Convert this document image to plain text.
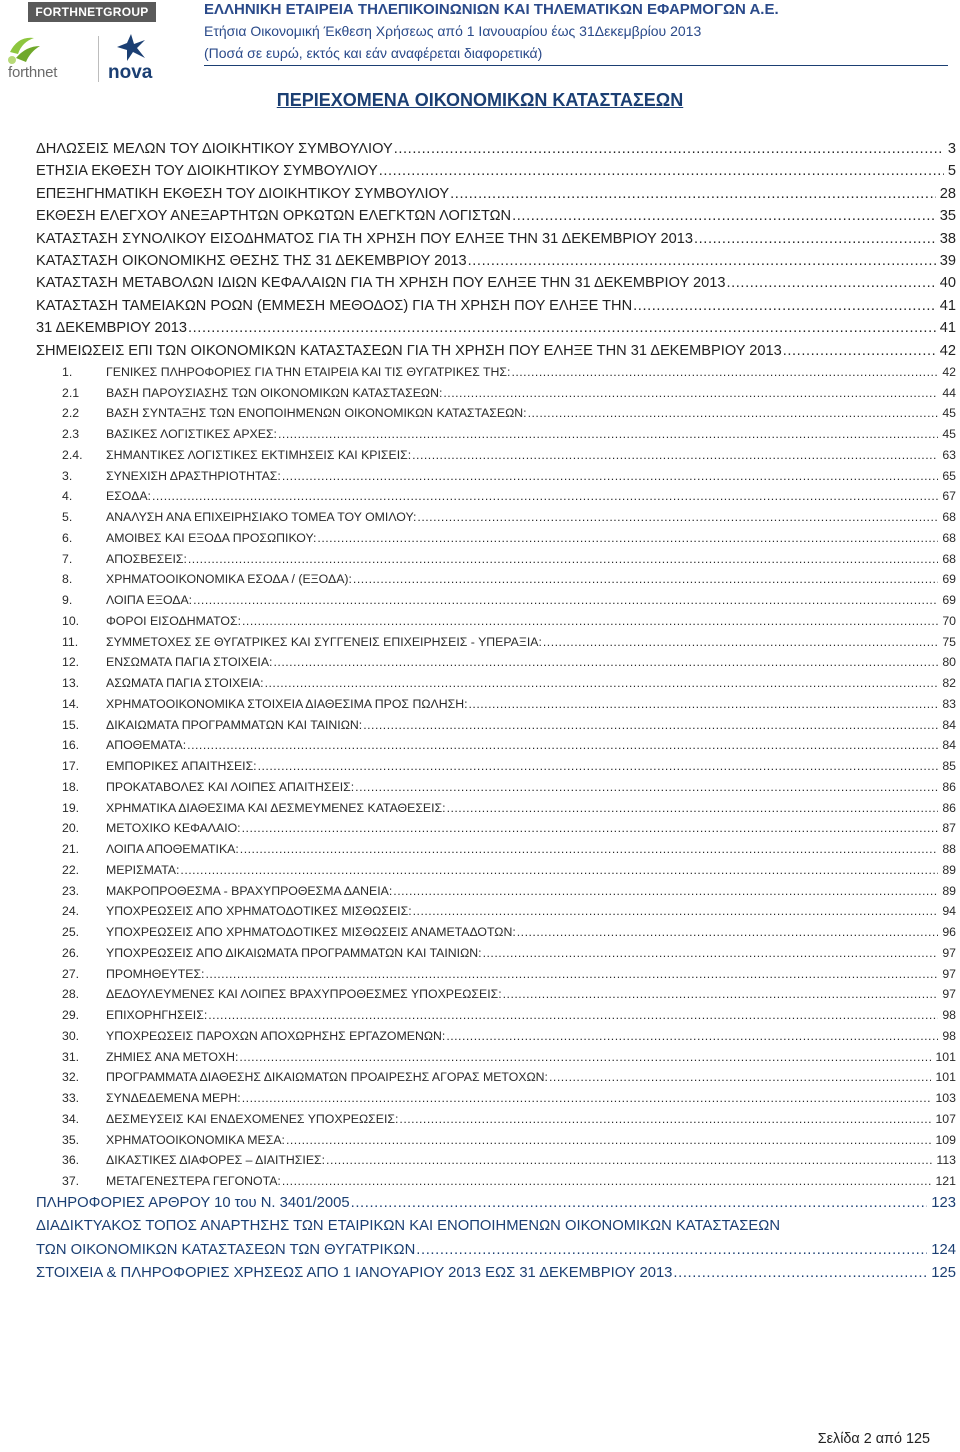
FORTHNETGROUP
forthnet	nova
ΕΛΛΗΝΙΚΗ ΕΤΑΙΡΕΙΑ ΤΗΛΕΠΙΚΟΙΝΩΝΙΩΝ ΚΑΙ ΤΗΛΕΜΑΤΙΚΩΝ ΕΦΑΡΜΟΓΩΝ Α.Ε.
Ετήσια Οικονομική Έκθεση Χρήσεως από 1 Ιανουαρίου έως 31Δεκεμβρίου 2013
(Ποσά σε ευρώ, εκτός και εάν αναφέρεται διαφορετικά)
ΠΕΡΙΕΧΟΜΕΝΑ ΟΙΚΟΝΟΜΙΚΩΝ ΚΑΤΑΣΤΑΣΕΩΝ
ΔΗΛΩΣΕΙΣ ΜΕΛΩΝ ΤΟΥ ΔΙΟΙΚΗΤΙΚΟΥ ΣΥΜΒΟΥΛΙΟΥ .....	3
ΕΤΗΣΙΑ ΕΚΘΕΣΗ ΤΟΥ ΔΙΟΙΚΗΤΙΚΟΥ ΣΥΜΒΟΥΛΙΟΥ .....	5
ΕΠΕΞΗΓΗΜΑΤΙΚΗ ΕΚΘΕΣΗ ΤΟΥ ΔΙΟΙΚΗΤΙΚΟΥ ΣΥΜΒΟΥΛΙΟΥ .....	28
ΕΚΘΕΣΗ ΕΛΕΓΧΟΥ ΑΝΕΞΑΡΤΗΤΩΝ ΟΡΚΩΤΩΝ ΕΛΕΓΚΤΩΝ ΛΟΓΙΣΤΩΝ .....	35
ΚΑΤΑΣΤΑΣΗ ΣΥΝΟΛΙΚΟΥ ΕΙΣΟΔΗΜΑΤΟΣ ΓΙΑ ΤΗ ΧΡΗΣΗ ΠΟΥ ΕΛΗΞΕ ΤΗΝ 31 ΔΕΚΕΜΒΡΙΟΥ 2013 .....	38
ΚΑΤΑΣΤΑΣΗ ΟΙΚΟΝΟΜΙΚΗΣ ΘΕΣΗΣ ΤΗΣ 31 ΔΕΚΕΜΒΡΙΟΥ 2013 .....	39
ΚΑΤΑΣΤΑΣΗ ΜΕΤΑΒΟΛΩΝ ΙΔΙΩΝ ΚΕΦΑΛΑΙΩΝ ΓΙΑ ΤΗ ΧΡΗΣΗ ΠΟΥ ΕΛΗΞΕ ΤΗΝ 31 ΔΕΚΕΜΒΡΙΟΥ 2013 .....	40
ΚΑΤΑΣΤΑΣΗ ΤΑΜΕΙΑΚΩΝ ΡΟΩΝ (ΕΜΜΕΣΗ ΜΕΘΟΔΟΣ) ΓΙΑ ΤΗ ΧΡΗΣΗ ΠΟΥ ΕΛΗΞΕ ΤΗΝ .....	41
31 ΔΕΚΕΜΒΡΙΟΥ 2013 .....	41
ΣΗΜΕΙΩΣΕΙΣ ΕΠΙ ΤΩΝ ΟΙΚΟΝΟΜΙΚΩΝ ΚΑΤΑΣΤΑΣΕΩΝ ΓΙΑ ΤΗ ΧΡΗΣΗ ΠΟΥ ΕΛΗΞΕ ΤΗΝ 31 ΔΕΚΕΜΒΡΙΟΥ 2013 .....	42
1.	ΓΕΝΙΚΕΣ ΠΛΗΡΟΦΟΡΙΕΣ ΓΙΑ ΤΗΝ ΕΤΑΙΡΕΙΑ ΚΑΙ ΤΙΣ ΘΥΓΑΤΡΙΚΕΣ ΤΗΣ: .....	42
2.1	ΒΑΣΗ ΠΑΡΟΥΣΙΑΣΗΣ ΤΩΝ ΟΙΚΟΝΟΜΙΚΩΝ ΚΑΤΑΣΤΑΣΕΩΝ: .....	44
2.2	ΒΑΣΗ ΣΥΝΤΑΞΗΣ ΤΩΝ ΕΝΟΠΟΙΗΜΕΝΩΝ ΟΙΚΟΝΟΜΙΚΩΝ ΚΑΤΑΣΤΑΣΕΩΝ: .....	45
2.3	ΒΑΣΙΚΕΣ ΛΟΓΙΣΤΙΚΕΣ ΑΡΧΕΣ: .....	45
2.4.	ΣΗΜΑΝΤΙΚΕΣ ΛΟΓΙΣΤΙΚΕΣ ΕΚΤΙΜΗΣΕΙΣ ΚΑΙ ΚΡΙΣΕΙΣ: .....	63
3.	ΣΥΝΕΧΙΣΗ ΔΡΑΣΤΗΡΙΟΤΗΤΑΣ: .....	65
4.	ΕΣΟΔΑ: .....	67
5.	ΑΝΑΛΥΣΗ ΑΝΑ ΕΠΙΧΕΙΡΗΣΙΑΚΟ ΤΟΜΕΑ ΤΟΥ ΟΜΙΛΟΥ: .....	68
6.	ΑΜΟΙΒΕΣ ΚΑΙ ΕΞΟΔΑ ΠΡΟΣΩΠΙΚΟΥ: .....	68
7.	ΑΠΟΣΒΕΣΕΙΣ: .....	68
8.	ΧΡΗΜΑΤΟΟΙΚΟΝΟΜΙΚΑ ΕΣΟΔΑ / (ΕΞΟΔΑ): .....	69
9.	ΛΟΙΠΑ ΕΞΟΔΑ: .....	69
10.	ΦΟΡΟΙ ΕΙΣΟΔΗΜΑΤΟΣ: .....	70
11.	ΣΥΜΜΕΤΟΧΕΣ ΣΕ ΘΥΓΑΤΡΙΚΕΣ ΚΑΙ ΣΥΓΓΕΝΕΙΣ ΕΠΙΧΕΙΡΗΣΕΙΣ - ΥΠΕΡΑΞΙΑ: .....	75
12.	ΕΝΣΩΜΑΤΑ ΠΑΓΙΑ ΣΤΟΙΧΕΙΑ: .....	80
13.	ΑΣΩΜΑΤΑ ΠΑΓΙΑ ΣΤΟΙΧΕΙΑ: .....	82
14.	ΧΡΗΜΑΤΟΟΙΚΟΝΟΜΙΚΑ ΣΤΟΙΧΕΙΑ ΔΙΑΘΕΣΙΜΑ ΠΡΟΣ ΠΩΛΗΣΗ: .....	83
15.	ΔΙΚΑΙΩΜΑΤΑ ΠΡΟΓΡΑΜΜΑΤΩΝ ΚΑΙ ΤΑΙΝΙΩΝ: .....	84
16.	ΑΠΟΘΕΜΑΤΑ: .....	84
17.	ΕΜΠΟΡΙΚΕΣ ΑΠΑΙΤΗΣΕΙΣ: .....	85
18.	ΠΡΟΚΑΤΑΒΟΛΕΣ ΚΑΙ ΛΟΙΠΕΣ ΑΠΑΙΤΗΣΕΙΣ: .....	86
19.	ΧΡΗΜΑΤΙΚΑ ΔΙΑΘΕΣΙΜΑ ΚΑΙ ΔΕΣΜΕΥΜΕΝΕΣ ΚΑΤΑΘΕΣΕΙΣ: .....	86
20.	ΜΕΤΟΧΙΚΟ ΚΕΦΑΛΑΙΟ: .....	87
21.	ΛΟΙΠΑ ΑΠΟΘΕΜΑΤΙΚΑ: .....	88
22.	ΜΕΡΙΣΜΑΤΑ: .....	89
23.	ΜΑΚΡΟΠΡΟΘΕΣΜΑ - ΒΡΑΧΥΠΡΟΘΕΣΜΑ ΔΑΝΕΙΑ: .....	89
24.	ΥΠΟΧΡΕΩΣΕΙΣ ΑΠΟ ΧΡΗΜΑΤΟΔΟΤΙΚΕΣ ΜΙΣΘΩΣΕΙΣ: .....	94
25.	ΥΠΟΧΡΕΩΣΕΙΣ ΑΠΟ ΧΡΗΜΑΤΟΔΟΤΙΚΕΣ ΜΙΣΘΩΣΕΙΣ ΑΝΑΜΕΤΑΔΟΤΩΝ: .....	96
26.	ΥΠΟΧΡΕΩΣΕΙΣ ΑΠΟ ΔΙΚΑΙΩΜΑΤΑ ΠΡΟΓΡΑΜΜΑΤΩΝ ΚΑΙ ΤΑΙΝΙΩΝ: .....	97
27.	ΠΡΟΜΗΘΕΥΤΕΣ: .....	97
28.	ΔΕΔΟΥΛΕΥΜΕΝΕΣ ΚΑΙ ΛΟΙΠΕΣ ΒΡΑΧΥΠΡΟΘΕΣΜΕΣ ΥΠΟΧΡΕΩΣΕΙΣ: .....	97
29.	ΕΠΙΧΟΡΗΓΗΣΕΙΣ: .....	98
30.	ΥΠΟΧΡΕΩΣΕΙΣ ΠΑΡΟΧΩΝ ΑΠΟΧΩΡΗΣΗΣ ΕΡΓΑΖΟΜΕΝΩΝ: .....	98
31.	ΖΗΜΙΕΣ ΑΝΑ ΜΕΤΟΧΗ: .....	101
32.	ΠΡΟΓΡΑΜΜΑΤΑ ΔΙΑΘΕΣΗΣ ΔΙΚΑΙΩΜΑΤΩΝ ΠΡΟΑΙΡΕΣΗΣ ΑΓΟΡΑΣ ΜΕΤΟΧΩΝ: .....	101
33.	ΣΥΝΔΕΔΕΜΕΝΑ ΜΕΡΗ: .....	103
34.	ΔΕΣΜΕΥΣΕΙΣ ΚΑΙ ΕΝΔΕΧΟΜΕΝΕΣ ΥΠΟΧΡΕΩΣΕΙΣ: .....	107
35.	ΧΡΗΜΑΤΟΟΙΚΟΝΟΜΙΚΑ ΜΕΣΑ: .....	109
36.	ΔΙΚΑΣΤΙΚΕΣ ΔΙΑΦΟΡΕΣ – ΔΙΑΙΤΗΣΙΕΣ: .....	113
37.	ΜΕΤΑΓΕΝΕΣΤΕΡΑ ΓΕΓΟΝΟΤΑ: .....	121
ΠΛΗΡΟΦΟΡΙΕΣ ΑΡΘΡΟΥ 10 του Ν. 3401/2005 .....	123
ΔΙΑΔΙΚΤΥΑΚΟΣ ΤΟΠΟΣ ΑΝΑΡΤΗΣΗΣ ΤΩΝ ΕΤΑΙΡΙΚΩΝ ΚΑΙ ΕΝΟΠΟΙΗΜΕΝΩΝ ΟΙΚΟΝΟΜΙΚΩΝ ΚΑΤΑΣΤΑΣΕΩΝ
ΤΩΝ ΟΙΚΟΝΟΜΙΚΩΝ ΚΑΤΑΣΤΑΣΕΩΝ ΤΩΝ ΘΥΓΑΤΡΙΚΩΝ .....	124
ΣΤΟΙΧΕΙΑ & ΠΛΗΡΟΦΟΡΙΕΣ ΧΡΗΣΕΩΣ ΑΠΟ 1 ΙΑΝΟΥΑΡΙΟΥ 2013 ΕΩΣ 31 ΔΕΚΕΜΒΡΙΟΥ 2013 .....	125
Σελίδα 2 από 125
